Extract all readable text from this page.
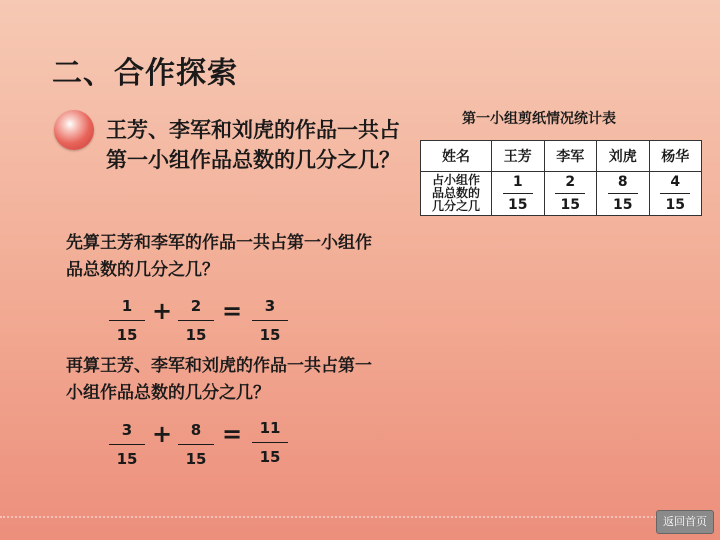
二、合作探索
王芳、李军和刘虎的作品一共占第一小组作品总数的几分之几？
第一小组剪纸情况统计表
姓名	王芳	李军	刘虎	杨华

占小组作
品总数的
几分之几	$\frac{1}{15}$	$\frac{2}{15}$	$\frac{8}{15}$	$\frac{4}{15}$
先算王芳和李军的作品一共占第一小组作品总数的几分之几？
1
15
+	2
15
=	3
15
再算王芳、李军和刘虎的作品一共占第一小组作品总数的几分之几？
3
15
+	8
15
=	11
15
返回首页
